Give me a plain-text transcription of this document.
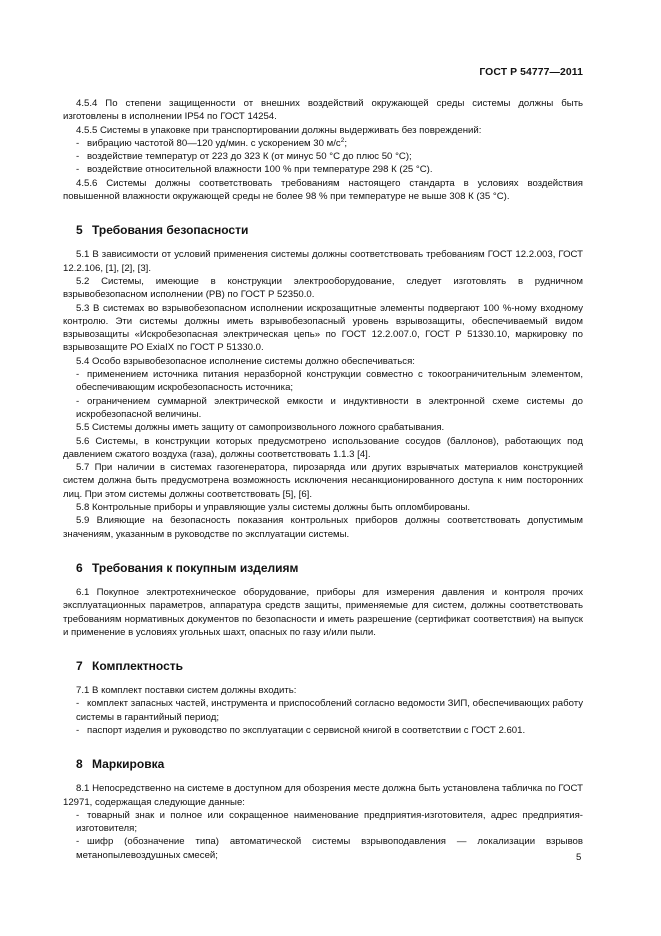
ГОСТ Р 54777—2011

4.5.4 По степени защищенности от внешних воздействий окружающей среды системы должны быть изготовлены в исполнении IP54 по ГОСТ 14254.

4.5.5 Системы в упаковке при транспортировании должны выдерживать без повреждений:

- вибрацию частотой 80—120 уд/мин. с ускорением 30 $м/с^2$;

- воздействие температур от 223 до 323 К (от минус 50 °С до плюс 50 °С);

- воздействие относительной влажности 100 % при температуре 298 К (25 °С).

4.5.6 Системы должны соответствовать требованиям настоящего стандарта в условиях воздействия повышенной влажности окружающей среды не более 98 % при температуре не выше 308 К (35 °С).

5 Требования безопасности

5.1 В зависимости от условий применения системы должны соответствовать требованиям ГОСТ 12.2.003, ГОСТ 12.2.106, [1], [2], [3].

5.2 Системы, имеющие в конструкции электрооборудование, следует изготовлять в рудничном взрывобезопасном исполнении (РВ) по ГОСТ Р 52350.0.

5.3 В системах во взрывобезопасном исполнении искрозащитные элементы подвергают 100 %-ному входному контролю. Эти системы должны иметь взрывобезопасный уровень взрывозащиты, обеспечиваемый видом взрывозащиты «Искробезопасная электрическая цепь» по ГОСТ 12.2.007.0, ГОСТ Р 51330.10, маркировку по взрывозащите РО ExiaIX по ГОСТ Р 51330.0.

5.4 Особо взрывобезопасное исполнение системы должно обеспечиваться:

- применением источника питания неразборной конструкции совместно с токоограничительным элементом, обеспечивающим искробезопасность источника;

- ограничением суммарной электрической емкости и индуктивности в электронной схеме системы до искробезопасной величины.

5.5 Системы должны иметь защиту от самопроизвольного ложного срабатывания.

5.6 Системы, в конструкции которых предусмотрено использование сосудов (баллонов), работающих под давлением сжатого воздуха (газа), должны соответствовать 1.1.3 [4].

5.7 При наличии в системах газогенератора, пирозаряда или других взрывчатых материалов конструкцией систем должна быть предусмотрена возможность исключения несанкционированного доступа к ним посторонних лиц. При этом системы должны соответствовать [5], [6].

5.8 Контрольные приборы и управляющие узлы системы должны быть опломбированы.

5.9 Влияющие на безопасность показания контрольных приборов должны соответствовать допустимым значениям, указанным в руководстве по эксплуатации системы.

6 Требования к покупным изделиям

6.1 Покупное электротехническое оборудование, приборы для измерения давления и контроля прочих эксплуатационных параметров, аппаратура средств защиты, применяемые для систем, должны соответствовать требованиям нормативных документов по безопасности и иметь разрешение (сертификат соответствия) на выпуск и применение в условиях угольных шахт, опасных по газу и/или пыли.

7 Комплектность

7.1 В комплект поставки систем должны входить:

- комплект запасных частей, инструмента и приспособлений согласно ведомости ЗИП, обеспечивающих работу системы в гарантийный период;

- паспорт изделия и руководство по эксплуатации с сервисной книгой в соответствии с ГОСТ 2.601.

8 Маркировка

8.1 Непосредственно на системе в доступном для обозрения месте должна быть установлена табличка по ГОСТ 12971, содержащая следующие данные:

- товарный знак и полное или сокращенное наименование предприятия-изготовителя, адрес предприятия-изготовителя;

- шифр (обозначение типа) автоматической системы взрывоподавления — локализации взрывов метанопылевоздушных смесей;	5
